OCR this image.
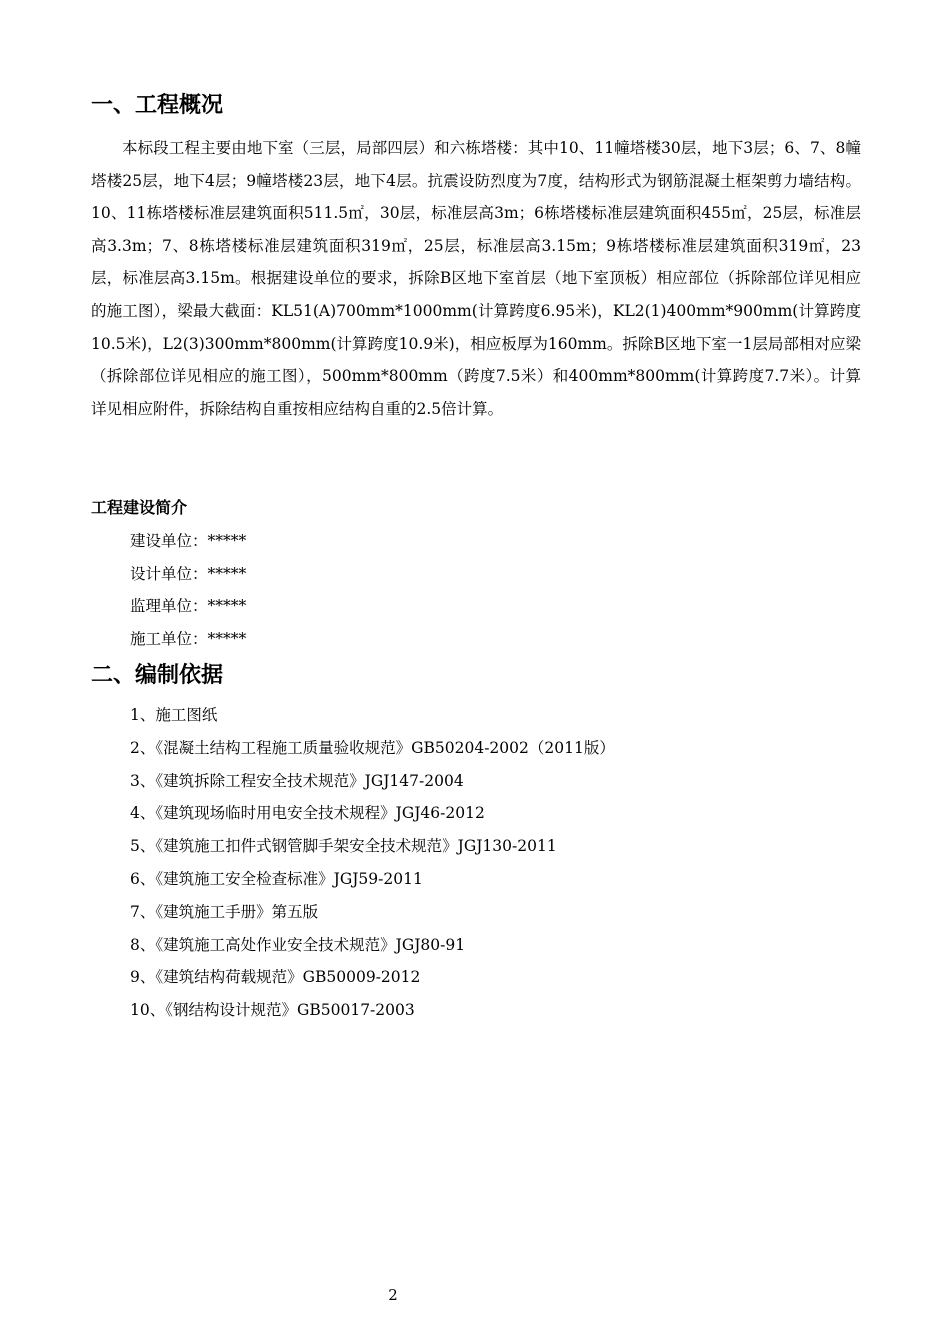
一、工程概况

本标段工程主要由地下室（三层，局部四层）和六栋塔楼：其中10、11幢塔楼30层，地下3层；6、7、8幢塔楼25层，地下4层；9幢塔楼23层，地下4层。抗震设防烈度为7度，结构形式为钢筋混凝土框架剪力墙结构。10、11栋塔楼标准层建筑面积511.5㎡，30层，标准层高3m；6栋塔楼标准层建筑面积455㎡，25层，标准层高3.3m；7、8栋塔楼标准层建筑面积319㎡，25层，标准层高3.15m；9栋塔楼标准层建筑面积319㎡，23层，标准层高3.15m。根据建设单位的要求，拆除B区地下室首层（地下室顶板）相应部位（拆除部位详见相应的施工图），梁最大截面：KL51(A)700mm*1000mm(计算跨度6.95米)，KL2(1)400mm*900mm(计算跨度10.5米)，L2(3)300mm*800mm(计算跨度10.9米)，相应板厚为160mm。拆除B区地下室一1层局部相对应梁（拆除部位详见相应的施工图），500mm*800mm（跨度7.5米）和400mm*800mm(计算跨度7.7米）。计算详见相应附件，拆除结构自重按相应结构自重的2.5倍计算。

工程建设简介
建设单位：*****
设计单位：*****
监理单位：*****
施工单位：*****
二、编制依据
1、施工图纸
2、《混凝土结构工程施工质量验收规范》GB50204-2002（2011版）
3、《建筑拆除工程安全技术规范》JGJ147-2004
4、《建筑现场临时用电安全技术规程》JGJ46-2012
5、《建筑施工扣件式钢管脚手架安全技术规范》JGJ130-2011
6、《建筑施工安全检查标准》JGJ59-2011
7、《建筑施工手册》第五版
8、《建筑施工高处作业安全技术规范》JGJ80-91
9、《建筑结构荷载规范》GB50009-2012
10、《钢结构设计规范》GB50017-2003
2
